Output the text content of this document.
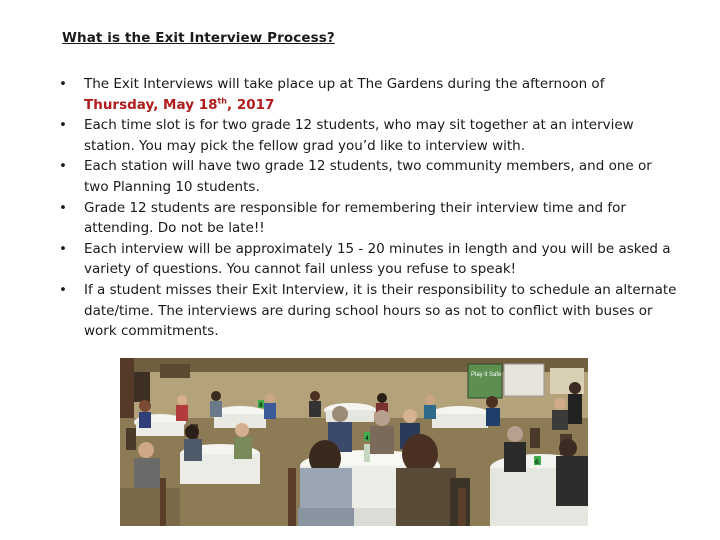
What is the Exit Interview Process?
• The Exit Interviews will take place up at The Gardens during the afternoon of
Thursday, May 18th, 2017
• Each time slot is for two grade 12 students, who may sit together at an interview station. You may pick the fellow grad you’d like to interview with.
• Each station will have two grade 12 students, two community members, and one or two Planning 10 students.
• Grade 12 students are responsible for remembering their interview time and for attending. Do not be late!!
• Each interview will be approximately 15 - 20 minutes in length and you will be asked a variety of questions. You cannot fail unless you refuse to speak!
• If a student misses their Exit Interview, it is their responsibility to schedule an alternate date/time. The interviews are during school hours so as not to conflict with buses or work commitments.
Play it Safe
8
4
6
